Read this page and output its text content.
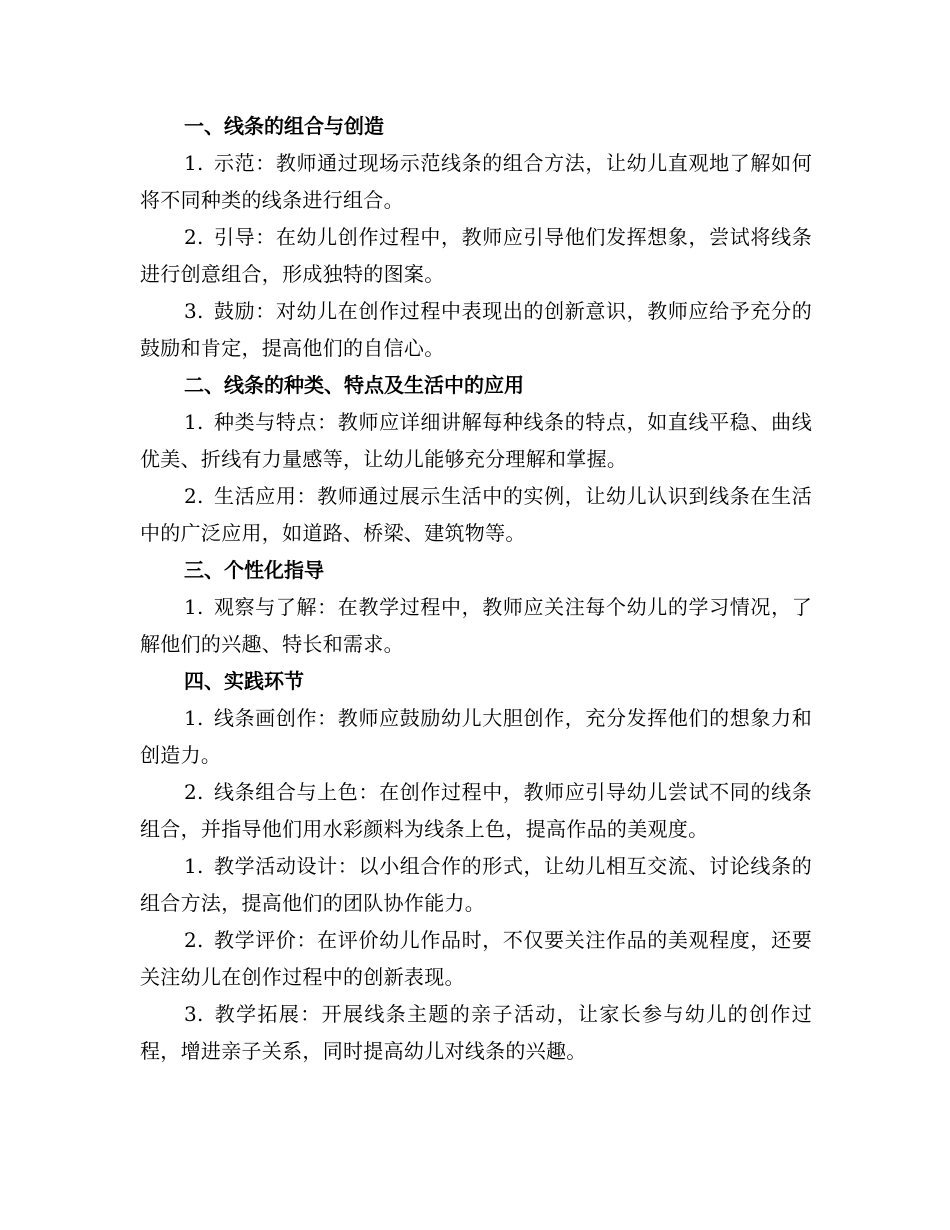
一、线条的组合与创造

1. 示范：教师通过现场示范线条的组合方法，让幼儿直观地了解如何将不同种类的线条进行组合。

2. 引导：在幼儿创作过程中，教师应引导他们发挥想象，尝试将线条进行创意组合，形成独特的图案。

3. 鼓励：对幼儿在创作过程中表现出的创新意识，教师应给予充分的鼓励和肯定，提高他们的自信心。

二、线条的种类、特点及生活中的应用

1. 种类与特点：教师应详细讲解每种线条的特点，如直线平稳、曲线优美、折线有力量感等，让幼儿能够充分理解和掌握。

2. 生活应用：教师通过展示生活中的实例，让幼儿认识到线条在生活中的广泛应用，如道路、桥梁、建筑物等。

三、个性化指导

1. 观察与了解：在教学过程中，教师应关注每个幼儿的学习情况，了解他们的兴趣、特长和需求。

四、实践环节

1. 线条画创作：教师应鼓励幼儿大胆创作，充分发挥他们的想象力和创造力。

2. 线条组合与上色：在创作过程中，教师应引导幼儿尝试不同的线条组合，并指导他们用水彩颜料为线条上色，提高作品的美观度。

1. 教学活动设计：以小组合作的形式，让幼儿相互交流、讨论线条的组合方法，提高他们的团队协作能力。

2. 教学评价：在评价幼儿作品时，不仅要关注作品的美观程度，还要关注幼儿在创作过程中的创新表现。

3. 教学拓展：开展线条主题的亲子活动，让家长参与幼儿的创作过程，增进亲子关系，同时提高幼儿对线条的兴趣。
